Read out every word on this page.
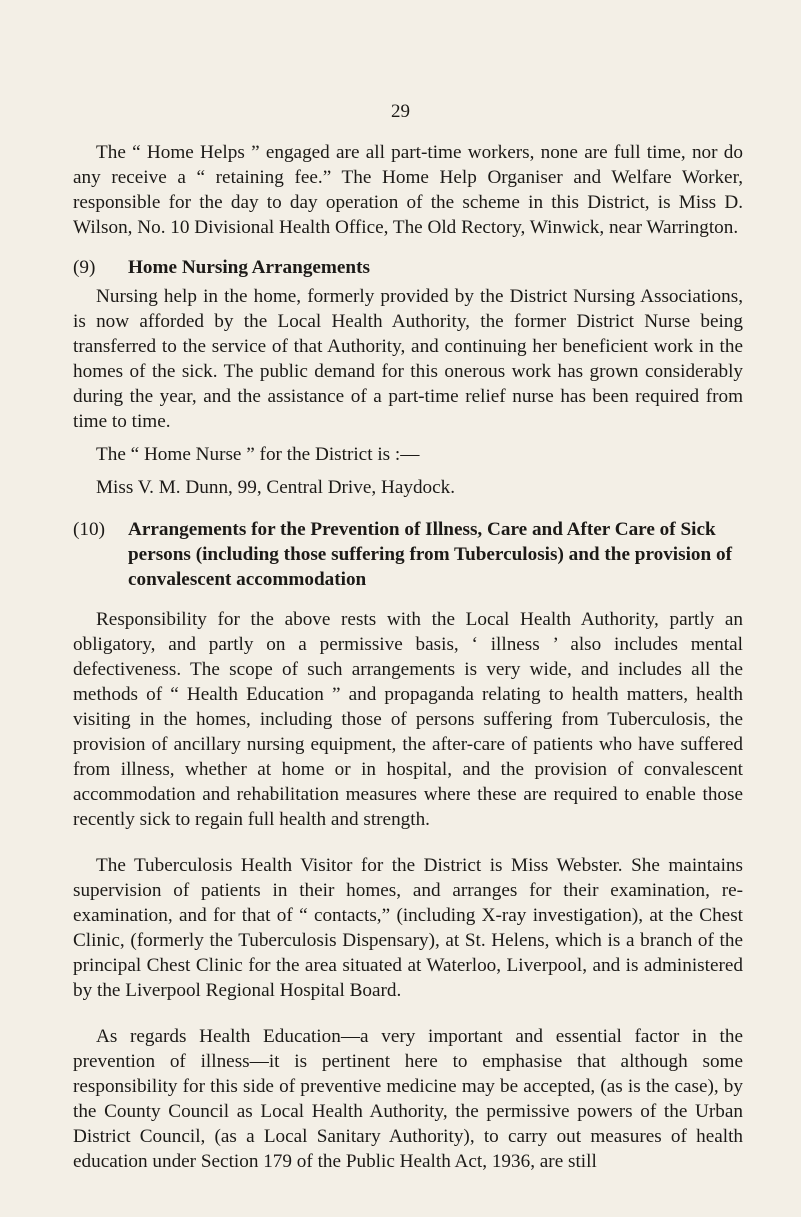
29

The “ Home Helps ” engaged are all part-time workers, none are full time, nor do any receive a “ retaining fee.” The Home Help Organiser and Welfare Worker, responsible for the day to day operation of the scheme in this District, is Miss D. Wilson, No. 10 Divisional Health Office, The Old Rectory, Winwick, near Warrington.

(9)	Home Nursing Arrangements

Nursing help in the home, formerly provided by the District Nursing Associations, is now afforded by the Local Health Authority, the former District Nurse being transferred to the service of that Authority, and continuing her beneficient work in the homes of the sick. The public demand for this onerous work has grown considerably during the year, and the assistance of a part-time relief nurse has been required from time to time.

The “ Home Nurse ” for the District is :—

Miss V. M. Dunn, 99, Central Drive, Haydock.

(10)	Arrangements for the Prevention of Illness, Care and After Care of Sick persons (including those suffering from Tuberculosis) and the provision of convalescent accommodation

Responsibility for the above rests with the Local Health Authority, partly an obligatory, and partly on a permissive basis, ‘ illness ’ also includes mental defectiveness. The scope of such arrangements is very wide, and includes all the methods of “ Health Education ” and propaganda relating to health matters, health visiting in the homes, including those of persons suffering from Tuberculosis, the provision of ancillary nursing equipment, the after-care of patients who have suffered from illness, whether at home or in hospital, and the provision of convalescent accommodation and rehabilitation measures where these are required to enable those recently sick to regain full health and strength.

The Tuberculosis Health Visitor for the District is Miss Webster. She maintains supervision of patients in their homes, and arranges for their examination, re-examination, and for that of “ contacts,” (including X-ray investigation), at the Chest Clinic, (formerly the Tuberculosis Dispensary), at St. Helens, which is a branch of the principal Chest Clinic for the area situated at Waterloo, Liverpool, and is administered by the Liverpool Regional Hospital Board.

As regards Health Education—a very important and essential factor in the prevention of illness—it is pertinent here to emphasise that although some responsibility for this side of preventive medicine may be accepted, (as is the case), by the County Council as Local Health Authority, the permissive powers of the Urban District Council, (as a Local Sanitary Authority), to carry out measures of health education under Section 179 of the Public Health Act, 1936, are still
